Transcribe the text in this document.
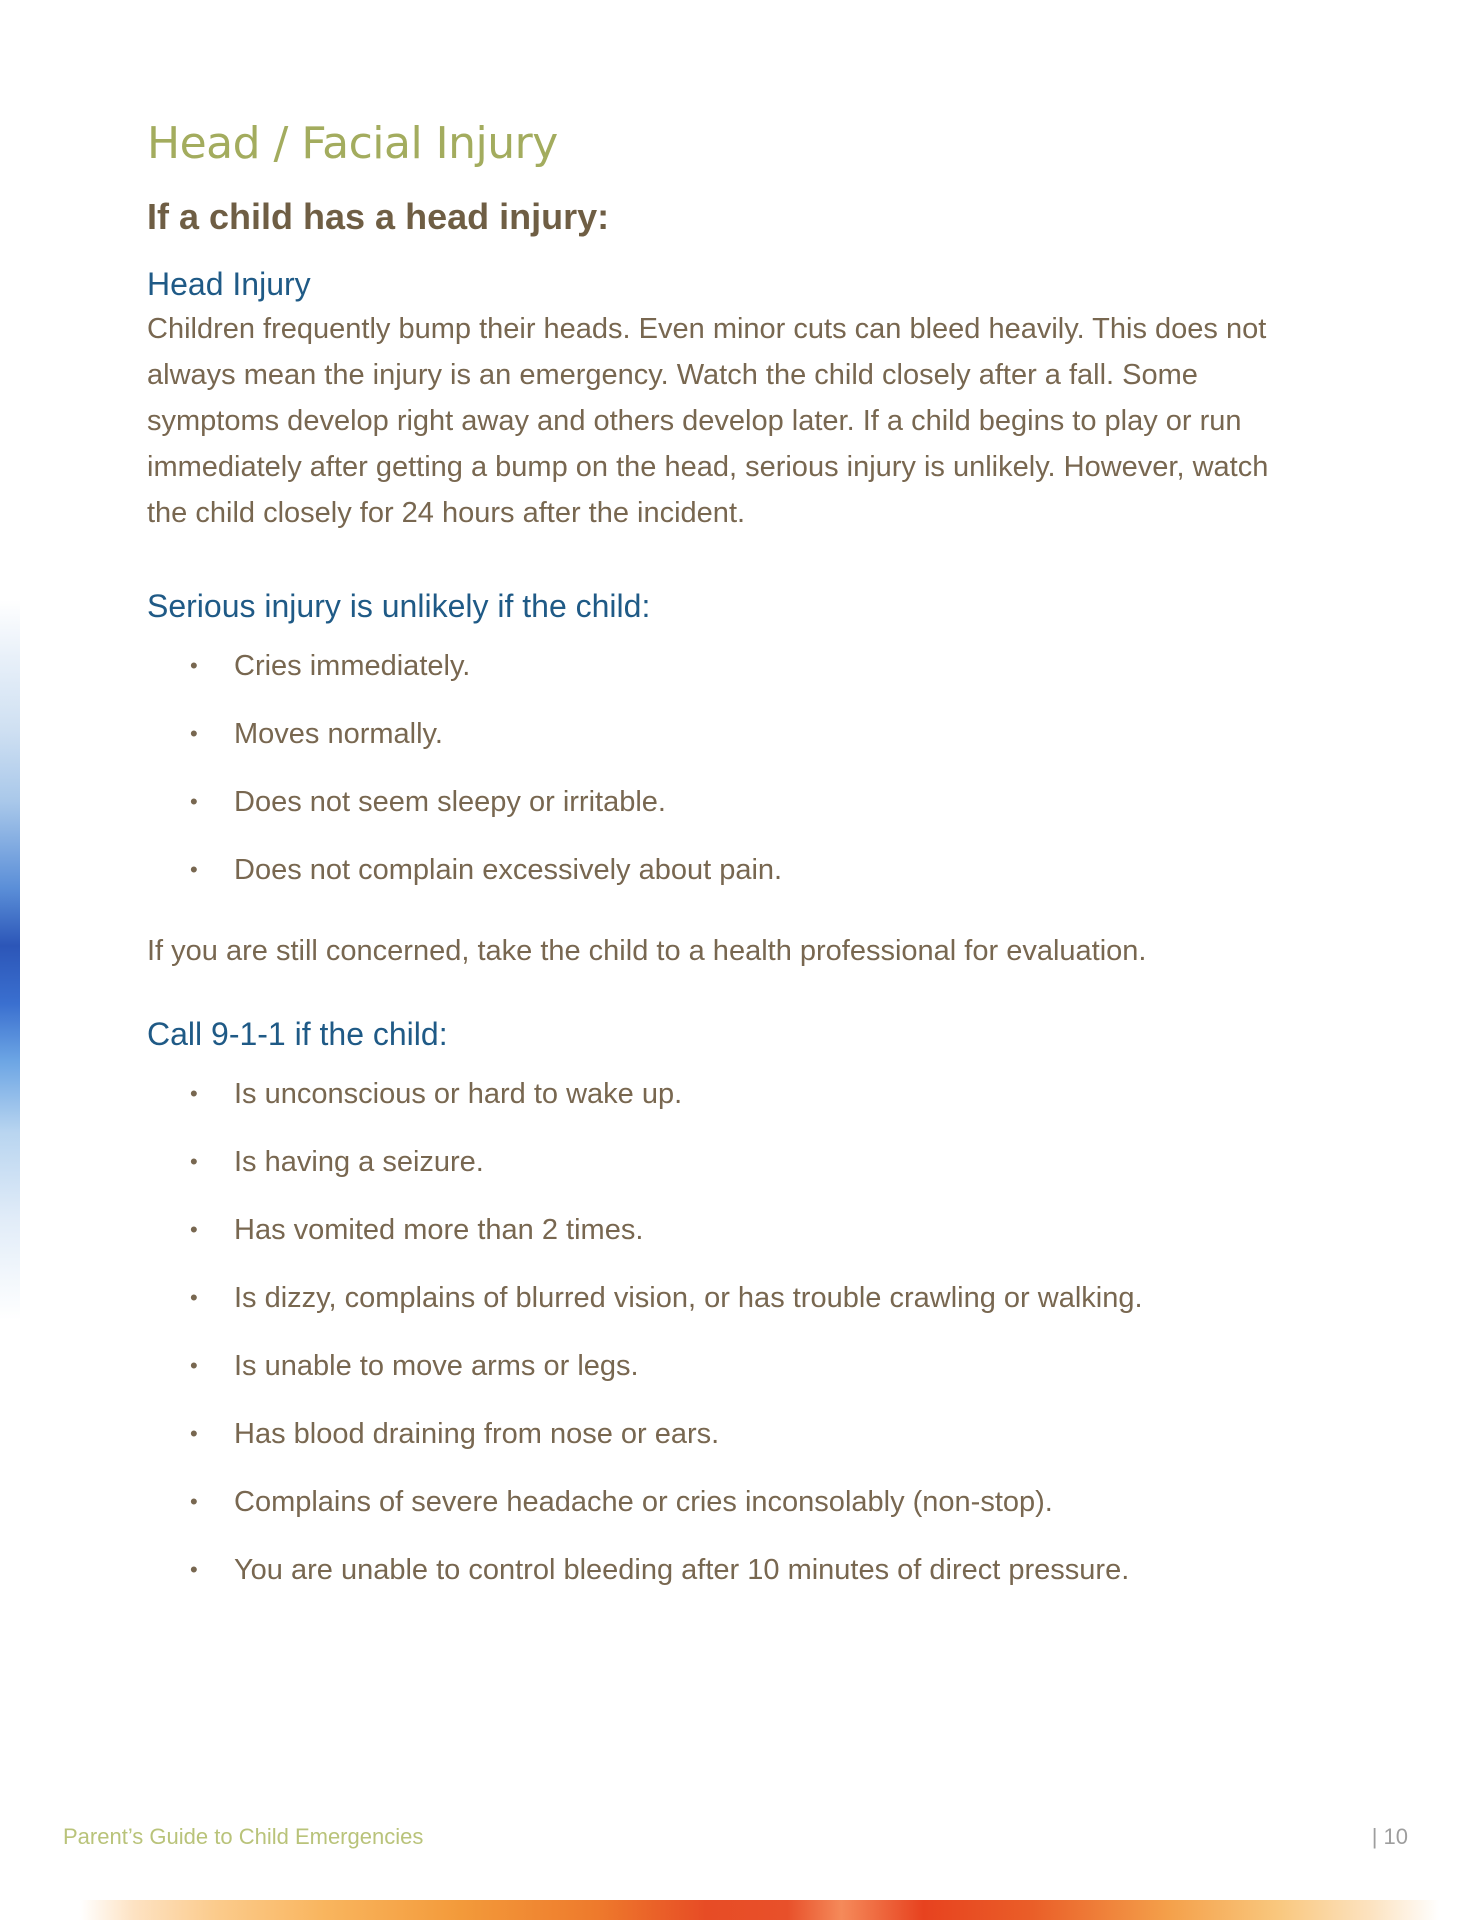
Head / Facial Injury
If a child has a head injury:
Head Injury

Children frequently bump their heads. Even minor cuts can bleed heavily. This does not always mean the injury is an emergency. Watch the child closely after a fall. Some symptoms develop right away and others develop later. If a child begins to play or run immediately after getting a bump on the head, serious injury is unlikely. However, watch the child closely for 24 hours after the incident.

Serious injury is unlikely if the child:
• Cries immediately.
• Moves normally.
• Does not seem sleepy or irritable.
• Does not complain excessively about pain.

If you are still concerned, take the child to a health professional for evaluation.

Call 9-1-1 if the child:
• Is unconscious or hard to wake up.
• Is having a seizure.
• Has vomited more than 2 times.
• Is dizzy, complains of blurred vision, or has trouble crawling or walking.
• Is unable to move arms or legs.
• Has blood draining from nose or ears.
• Complains of severe headache or cries inconsolably (non-stop).
• You are unable to control bleeding after 10 minutes of direct pressure.
Parent’s Guide to Child Emergencies	| 10
